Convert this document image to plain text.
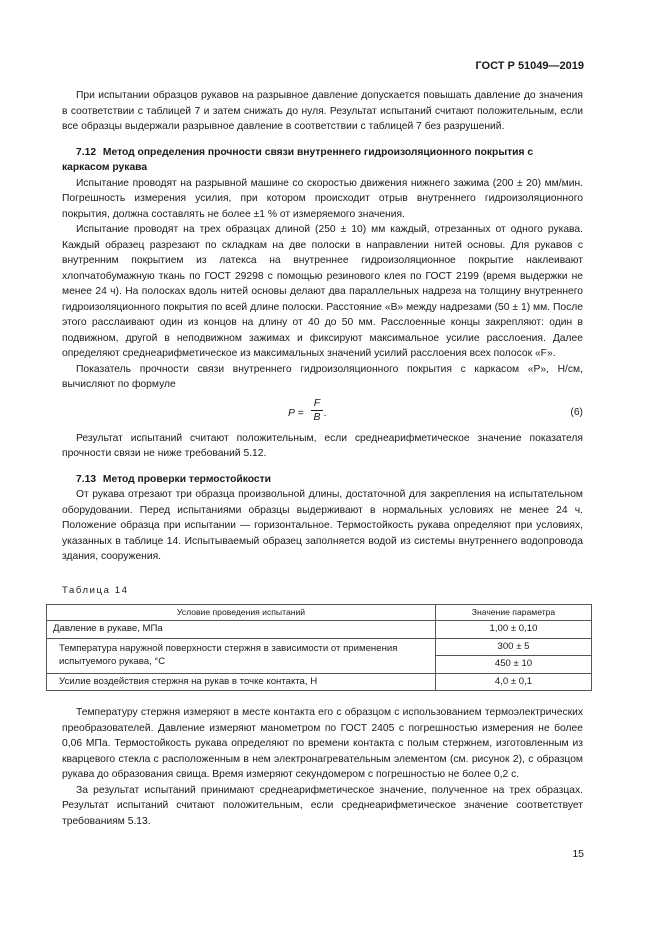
ГОСТ Р 51049—2019

При испытании образцов рукавов на разрывное давление допускается повышать давление до значения в соответствии с таблицей 7 и затем снижать до нуля. Результат испытаний считают положительным, если все образцы выдержали разрывное давление в соответствии с таблицей 7 без разрушений.

7.12 Метод определения прочности связи внутреннего гидроизоляционного покрытия с каркасом рукава

Испытание проводят на разрывной машине со скоростью движения нижнего зажима (200 ± 20) мм/мин. Погрешность измерения усилия, при котором происходит отрыв внутреннего гидроизоляционного покрытия, должна составлять не более ±1 % от измеряемого значения.

Испытание проводят на трех образцах длиной (250 ± 10) мм каждый, отрезанных от одного рукава. Каждый образец разрезают по складкам на две полоски в направлении нитей основы. Для рукавов с внутренним покрытием из латекса на внутреннее гидроизоляционное покрытие наклеивают хлопчатобумажную ткань по ГОСТ 29298 с помощью резинового клея по ГОСТ 2199 (время выдержки не менее 24 ч). На полосках вдоль нитей основы делают два параллельных надреза на толщину внутреннего гидроизоляционного покрытия по всей длине полоски. Расстояние «B» между надрезами (50 ± 1) мм. После этого расслаивают один из концов на длину от 40 до 50 мм. Расслоенные концы закрепляют: один в подвижном, другой в неподвижном зажимах и фиксируют максимальное усилие расслоения. Далее определяют среднеарифметическое из максимальных значений усилий расслоения всех полосок «F».

Показатель прочности связи внутреннего гидроизоляционного покрытия с каркасом «P», Н/см, вычисляют по формуле

P =
F
B .	(6)

Результат испытаний считают положительным, если среднеарифметическое значение показателя прочности связи не ниже требований 5.12.

7.13 Метод проверки термостойкости

От рукава отрезают три образца произвольной длины, достаточной для закрепления на испытательном оборудовании. Перед испытаниями образцы выдерживают в нормальных условиях не менее 24 ч. Положение образца при испытании — горизонтальное. Термостойкость рукава определяют при условиях, указанных в таблице 14. Испытываемый образец заполняется водой из системы внутреннего водопровода здания, сооружения.

Таблица 14
Условие проведения испытаний	Значение параметра
Давление в рукаве, МПа	1,00 ± 0,10
Температура наружной поверхности стержня в зависимости от применения испытуемого рукава, °С	300 ± 5
	450 ± 10
Усилие воздействия стержня на рукав в точке контакта, Н	4,0 ± 0,1

Температуру стержня измеряют в месте контакта его с образцом с использованием термоэлектрических преобразователей. Давление измеряют манометром по ГОСТ 2405 с погрешностью измерения не более 0,06 МПа. Термостойкость рукава определяют по времени контакта с полым стержнем, изготовленным из кварцевого стекла с расположенным в нем электронагревательным элементом (см. рисунок 2), с образцом рукава до образования свища. Время измеряют секундомером с погрешностью не более 0,2 с.

За результат испытаний принимают среднеарифметическое значение, полученное на трех образцах. Результат испытаний считают положительным, если среднеарифметическое значение соответствует требованиям 5.13.

15
